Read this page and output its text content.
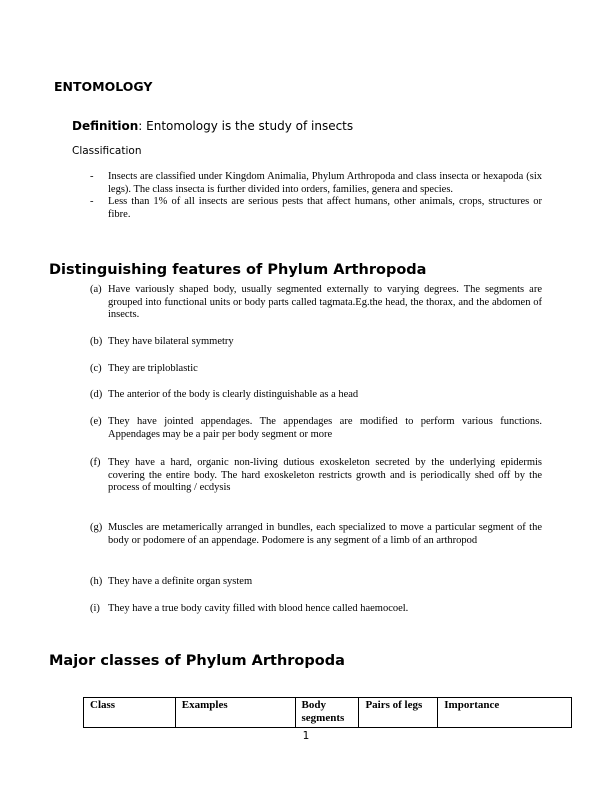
ENTOMOLOGY
Definition: Entomology is the study of insects
Classification

- Insects are classified under Kingdom Animalia, Phylum Arthropoda and class insecta or hexapoda (six legs). The class insecta is further divided into orders, families, genera and species.

- Less than 1% of all insects are serious pests that affect humans, other animals, crops, structures or fibre.

Distinguishing features of Phylum Arthropoda
(a) Have variously shaped body, usually segmented externally to varying degrees. The segments are grouped into functional units or body parts called tagmata.Eg.the head, the thorax, and the abdomen of insects.
(b) They have bilateral symmetry
(c) They are triploblastic
(d) The anterior of the body is clearly distinguishable as a head
(e) They have jointed appendages. The appendages are modified to perform various functions. Appendages may be a pair per body segment or more
(f) They have a hard, organic non-living dutious exoskeleton secreted by the underlying epidermis covering the entire body. The hard exoskeleton restricts growth and is periodically shed off by the process of moulting / ecdysis
(g) Muscles are metamerically arranged in bundles, each specialized to move a particular segment of the body or podomere of an appendage. Podomere is any segment of a limb of an arthropod
(h) They have a definite organ system
(i) They have a true body cavity filled with blood hence called haemocoel.
Major classes of Phylum Arthropoda
Class	Examples	Body segments	Pairs of legs	Importance
1
